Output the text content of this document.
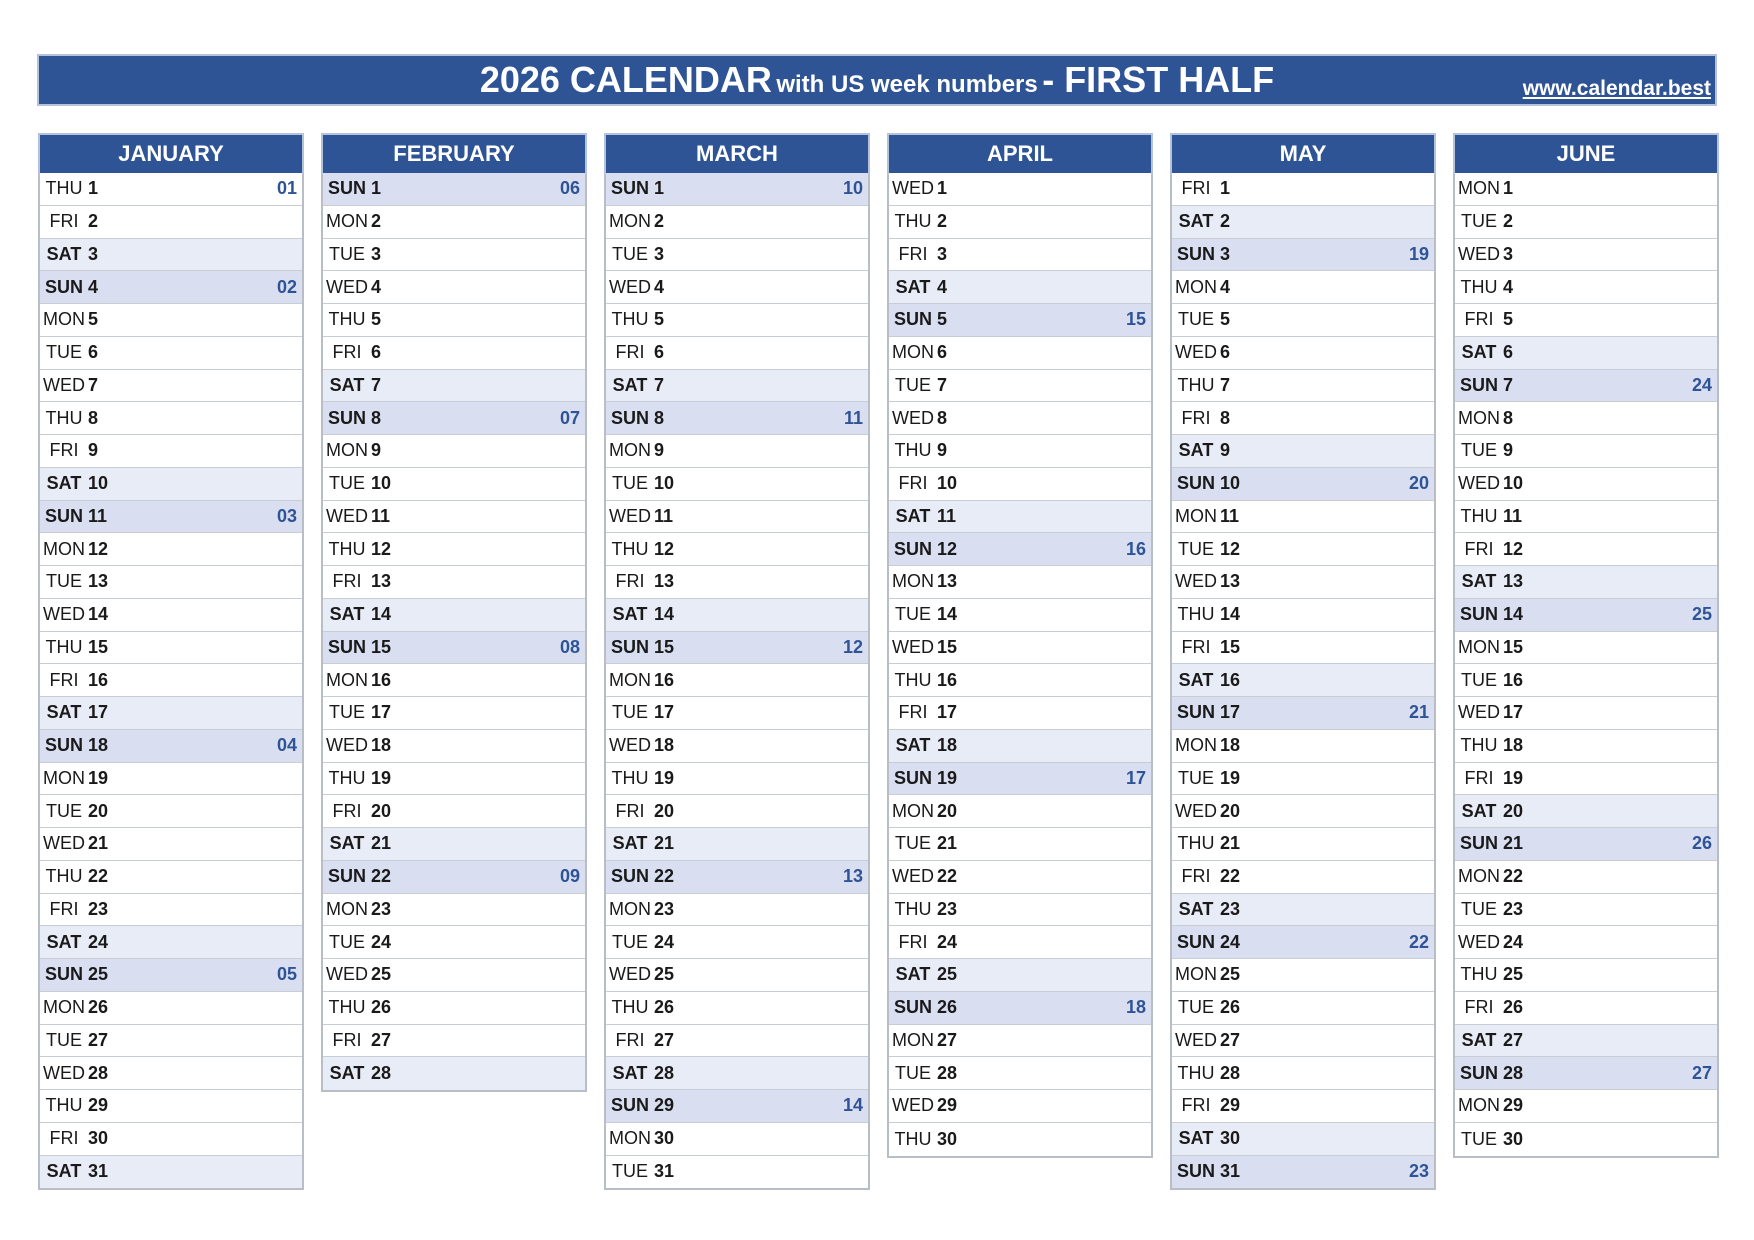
2026 CALENDAR with US week numbers - FIRST HALF	www.calendar.best
JANUARY
THU 1	01
FRI 2
SAT 3
SUN 4	02
MON 5
TUE 6
WED 7
THU 8
FRI 9
SAT 10
SUN 11	03
MON 12
TUE 13
WED 14
THU 15
FRI 16
SAT 17
SUN 18	04
MON 19
TUE 20
WED 21
THU 22
FRI 23
SAT 24
SUN 25	05
MON 26
TUE 27
WED 28
THU 29
FRI 30
SAT 31
FEBRUARY
SUN 1	06
MON 2
TUE 3
WED 4
THU 5
FRI 6
SAT 7
SUN 8	07
MON 9
TUE 10
WED 11
THU 12
FRI 13
SAT 14
SUN 15	08
MON 16
TUE 17
WED 18
THU 19
FRI 20
SAT 21
SUN 22	09
MON 23
TUE 24
WED 25
THU 26
FRI 27
SAT 28
MARCH
SUN 1	10
MON 2
TUE 3
WED 4
THU 5
FRI 6
SAT 7
SUN 8	11
MON 9
TUE 10
WED 11
THU 12
FRI 13
SAT 14
SUN 15	12
MON 16
TUE 17
WED 18
THU 19
FRI 20
SAT 21
SUN 22	13
MON 23
TUE 24
WED 25
THU 26
FRI 27
SAT 28
SUN 29	14
MON 30
TUE 31
APRIL
WED 1
THU 2
FRI 3
SAT 4
SUN 5	15
MON 6
TUE 7
WED 8
THU 9
FRI 10
SAT 11
SUN 12	16
MON 13
TUE 14
WED 15
THU 16
FRI 17
SAT 18
SUN 19	17
MON 20
TUE 21
WED 22
THU 23
FRI 24
SAT 25
SUN 26	18
MON 27
TUE 28
WED 29
THU 30
MAY
FRI 1
SAT 2
SUN 3	19
MON 4
TUE 5
WED 6
THU 7
FRI 8
SAT 9
SUN 10	20
MON 11
TUE 12
WED 13
THU 14
FRI 15
SAT 16
SUN 17	21
MON 18
TUE 19
WED 20
THU 21
FRI 22
SAT 23
SUN 24	22
MON 25
TUE 26
WED 27
THU 28
FRI 29
SAT 30
SUN 31	23
JUNE
MON 1
TUE 2
WED 3
THU 4
FRI 5
SAT 6
SUN 7	24
MON 8
TUE 9
WED 10
THU 11
FRI 12
SAT 13
SUN 14	25
MON 15
TUE 16
WED 17
THU 18
FRI 19
SAT 20
SUN 21	26
MON 22
TUE 23
WED 24
THU 25
FRI 26
SAT 27
SUN 28	27
MON 29
TUE 30
